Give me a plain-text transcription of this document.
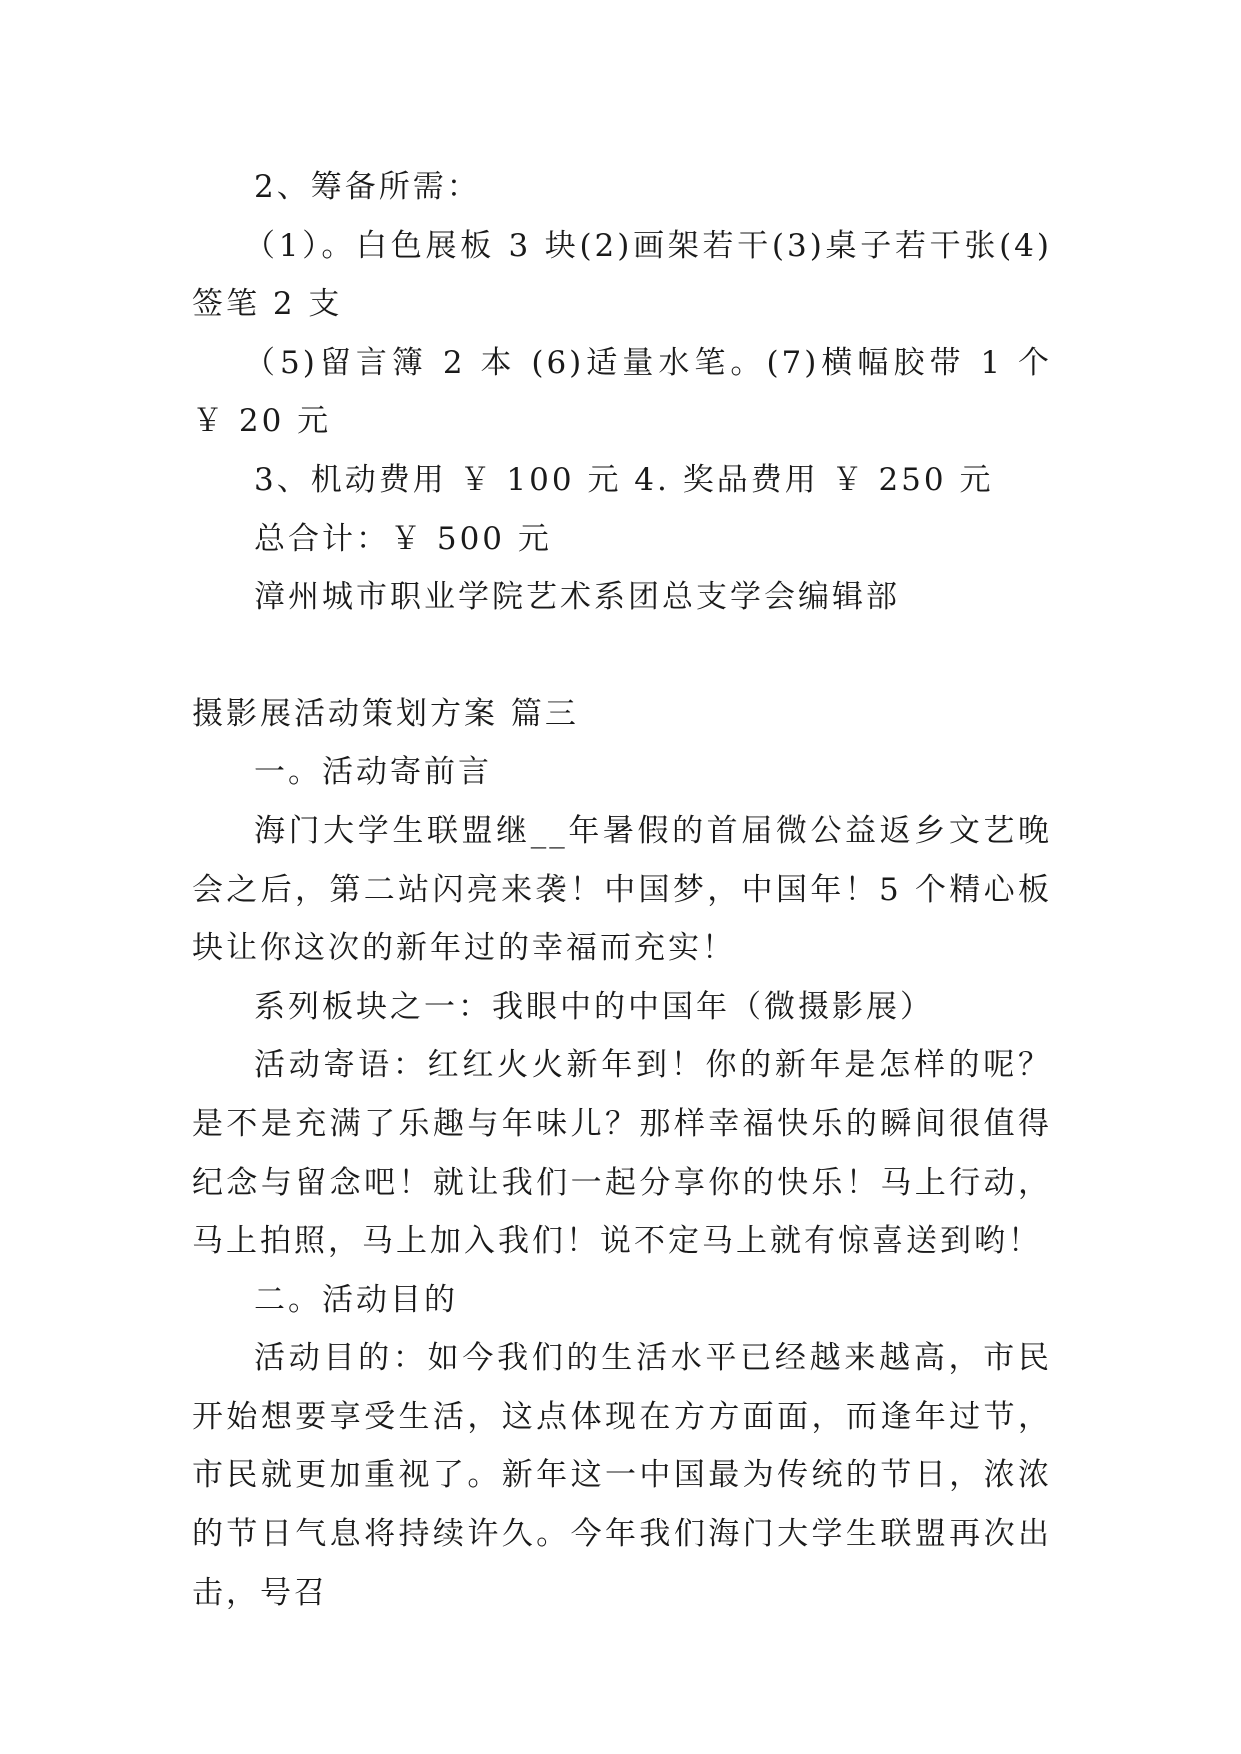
2、筹备所需：

（1）。白色展板 3 块(2)画架若干(3)桌子若干张(4)签笔 2 支

（5)留言簿 2 本 (6)适量水笔。(7)横幅胶带 1 个 ￥ 20 元

3、机动费用 ￥ 100 元 4. 奖品费用 ￥ 250 元

总合计：￥ 500 元

漳州城市职业学院艺术系团总支学会编辑部

摄影展活动策划方案 篇三

一。活动寄前言

海门大学生联盟继__年暑假的首届微公益返乡文艺晚会之后，第二站闪亮来袭！中国梦，中国年！5 个精心板块让你这次的新年过的幸福而充实！

系列板块之一：我眼中的中国年（微摄影展）

活动寄语：红红火火新年到！你的新年是怎样的呢？是不是充满了乐趣与年味儿？那样幸福快乐的瞬间很值得纪念与留念吧！就让我们一起分享你的快乐！马上行动，马上拍照，马上加入我们！说不定马上就有惊喜送到哟！

二。活动目的

活动目的：如今我们的生活水平已经越来越高，市民开始想要享受生活，这点体现在方方面面，而逢年过节，市民就更加重视了。新年这一中国最为传统的节日，浓浓的节日气息将持续许久。今年我们海门大学生联盟再次出击，号召
